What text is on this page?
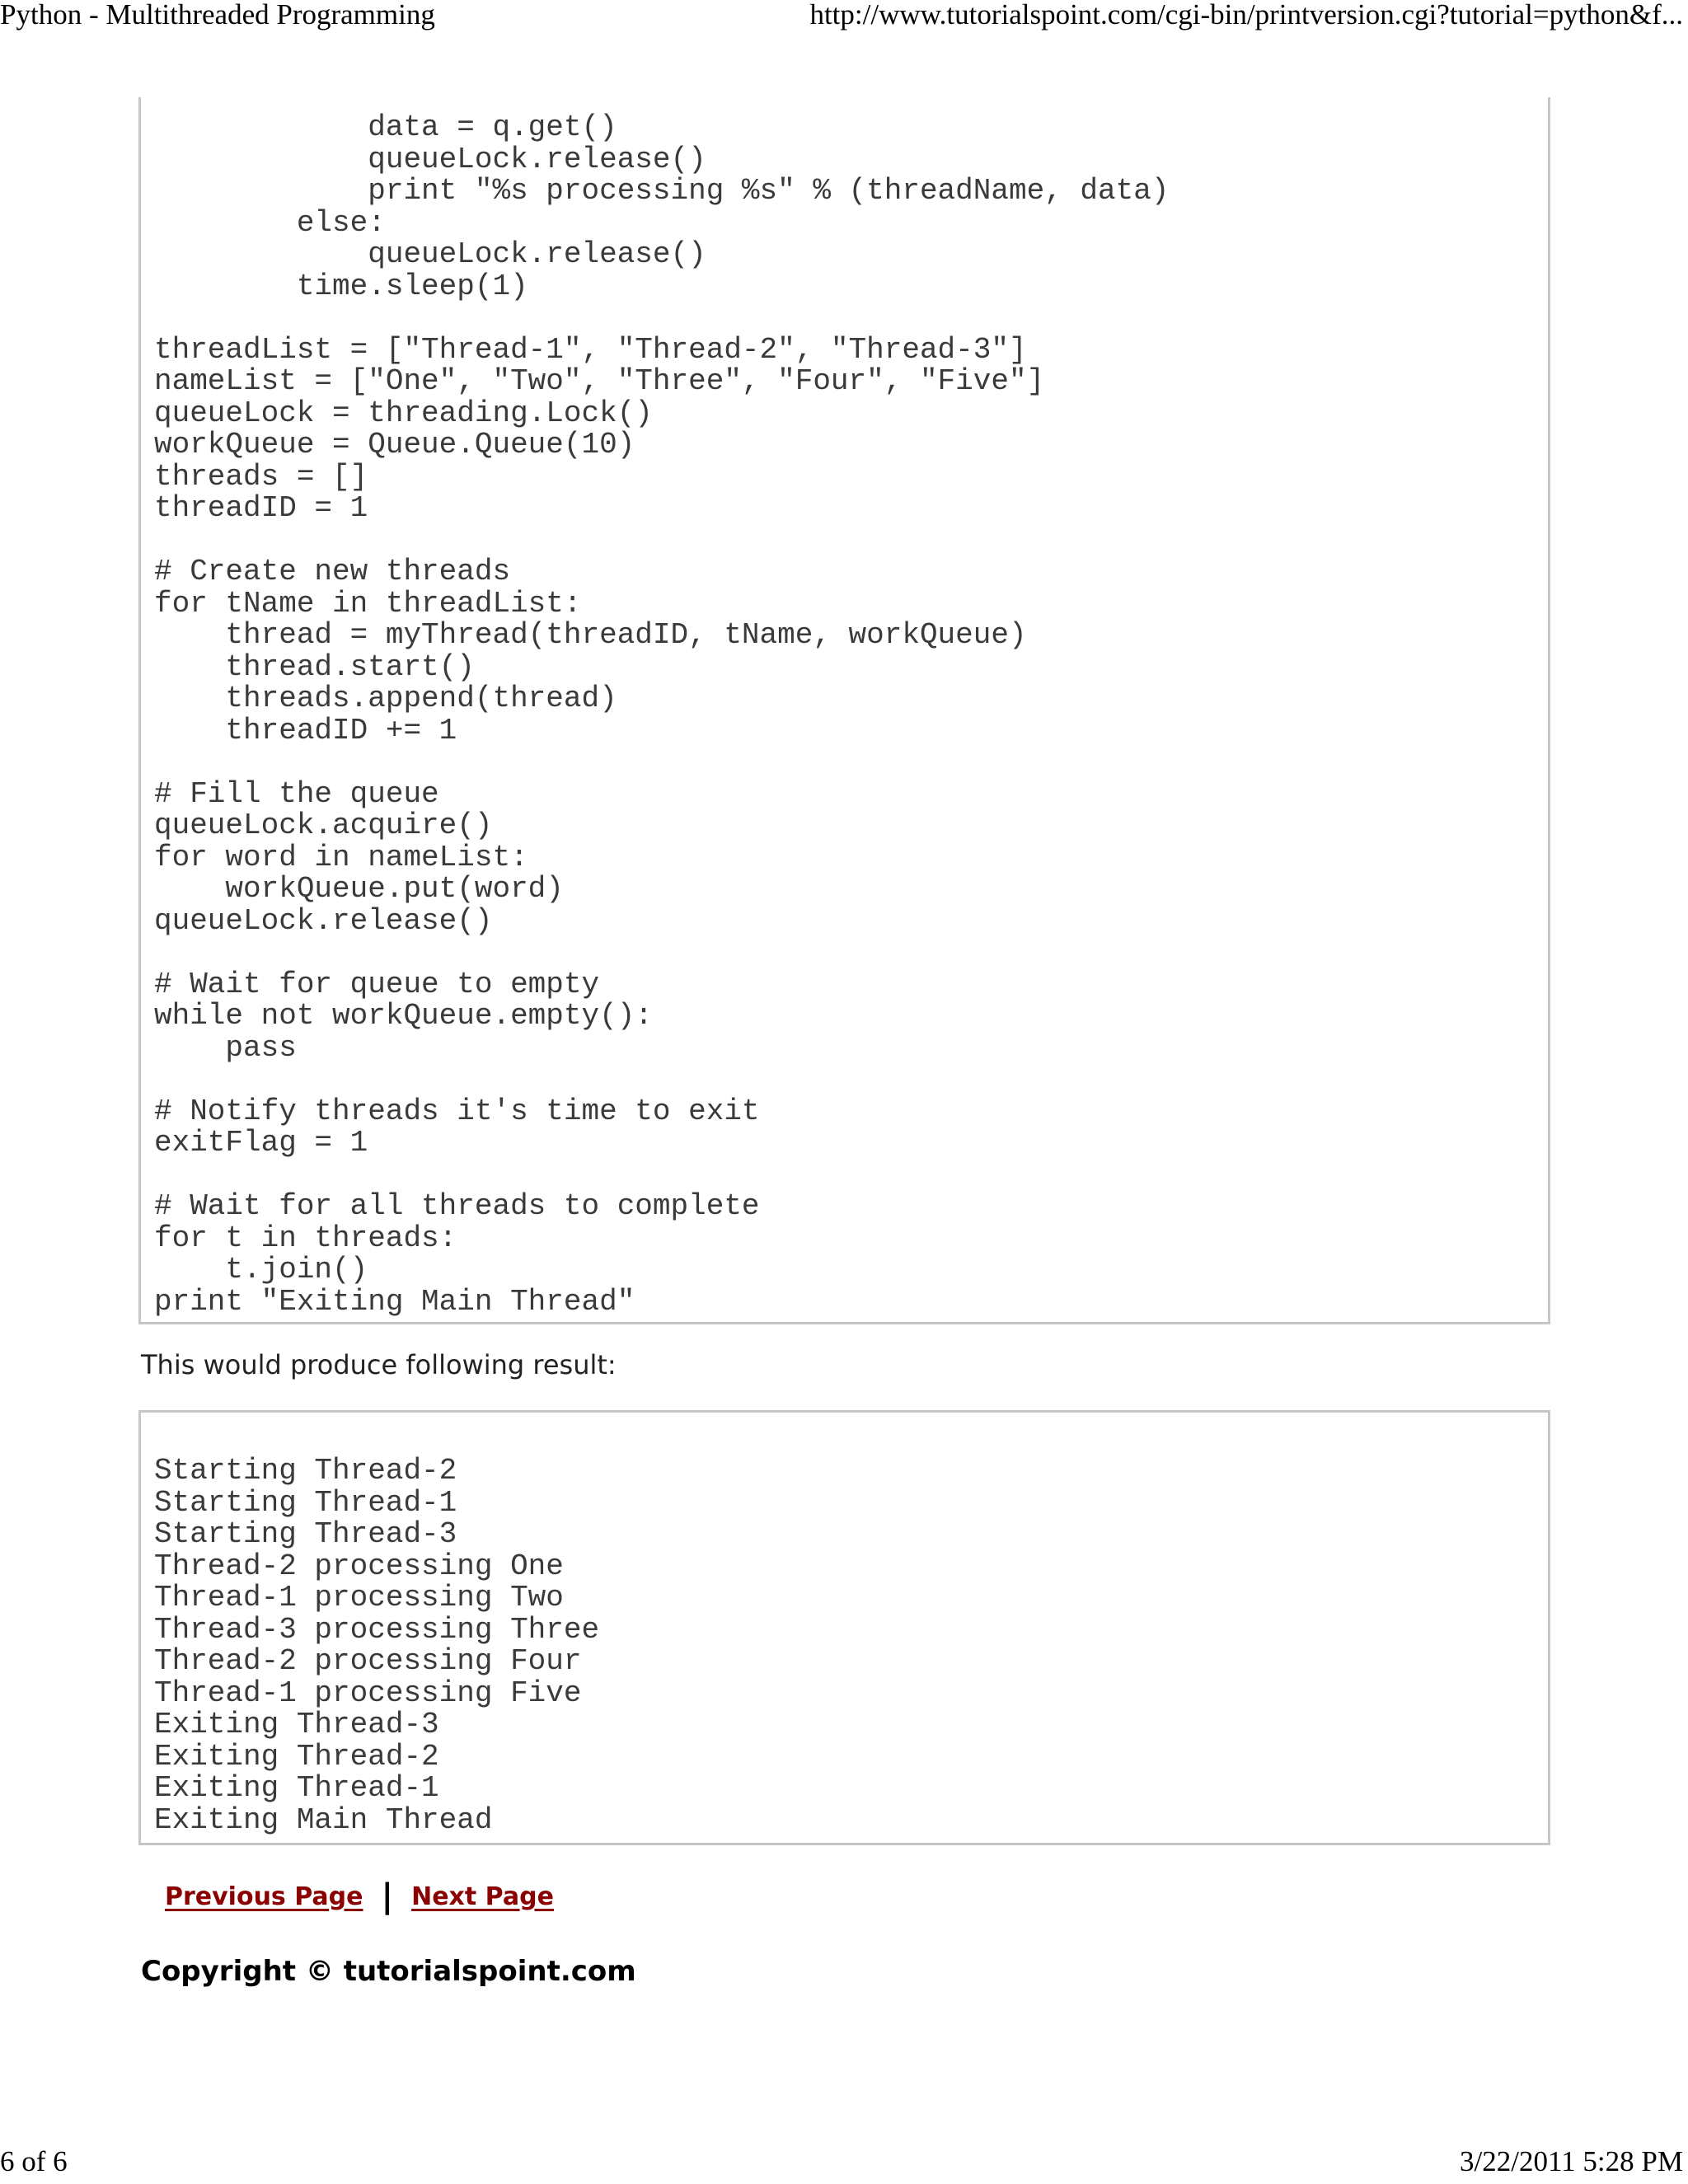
Python - Multithreaded Programming	http://www.tutorialspoint.com/cgi-bin/printversion.cgi?tutorial=python&f...
data = q.get()
queueLock.release()
print "%s processing %s" % (threadName, data)
else:
queueLock.release()
time.sleep(1)

threadList = ["Thread-1", "Thread-2", "Thread-3"]
nameList = ["One", "Two", "Three", "Four", "Five"]
queueLock = threading.Lock()
workQueue = Queue.Queue(10)
threads = []
threadID = 1

# Create new threads
for tName in threadList:
thread = myThread(threadID, tName, workQueue)
thread.start()
threads.append(thread)
threadID += 1

# Fill the queue
queueLock.acquire()
for word in nameList:
workQueue.put(word)
queueLock.release()

# Wait for queue to empty
while not workQueue.empty():
pass

# Notify threads it's time to exit
exitFlag = 1

# Wait for all threads to complete
for t in threads:
t.join()
print "Exiting Main Thread"
This would produce following result:
Starting Thread-2
Starting Thread-1
Starting Thread-3
Thread-2 processing One
Thread-1 processing Two
Thread-3 processing Three
Thread-2 processing Four
Thread-1 processing Five
Exiting Thread-3
Exiting Thread-2
Exiting Thread-1
Exiting Main Thread
Previous Page | Next Page
Copyright © tutorialspoint.com
6 of 6	3/22/2011 5:28 PM
